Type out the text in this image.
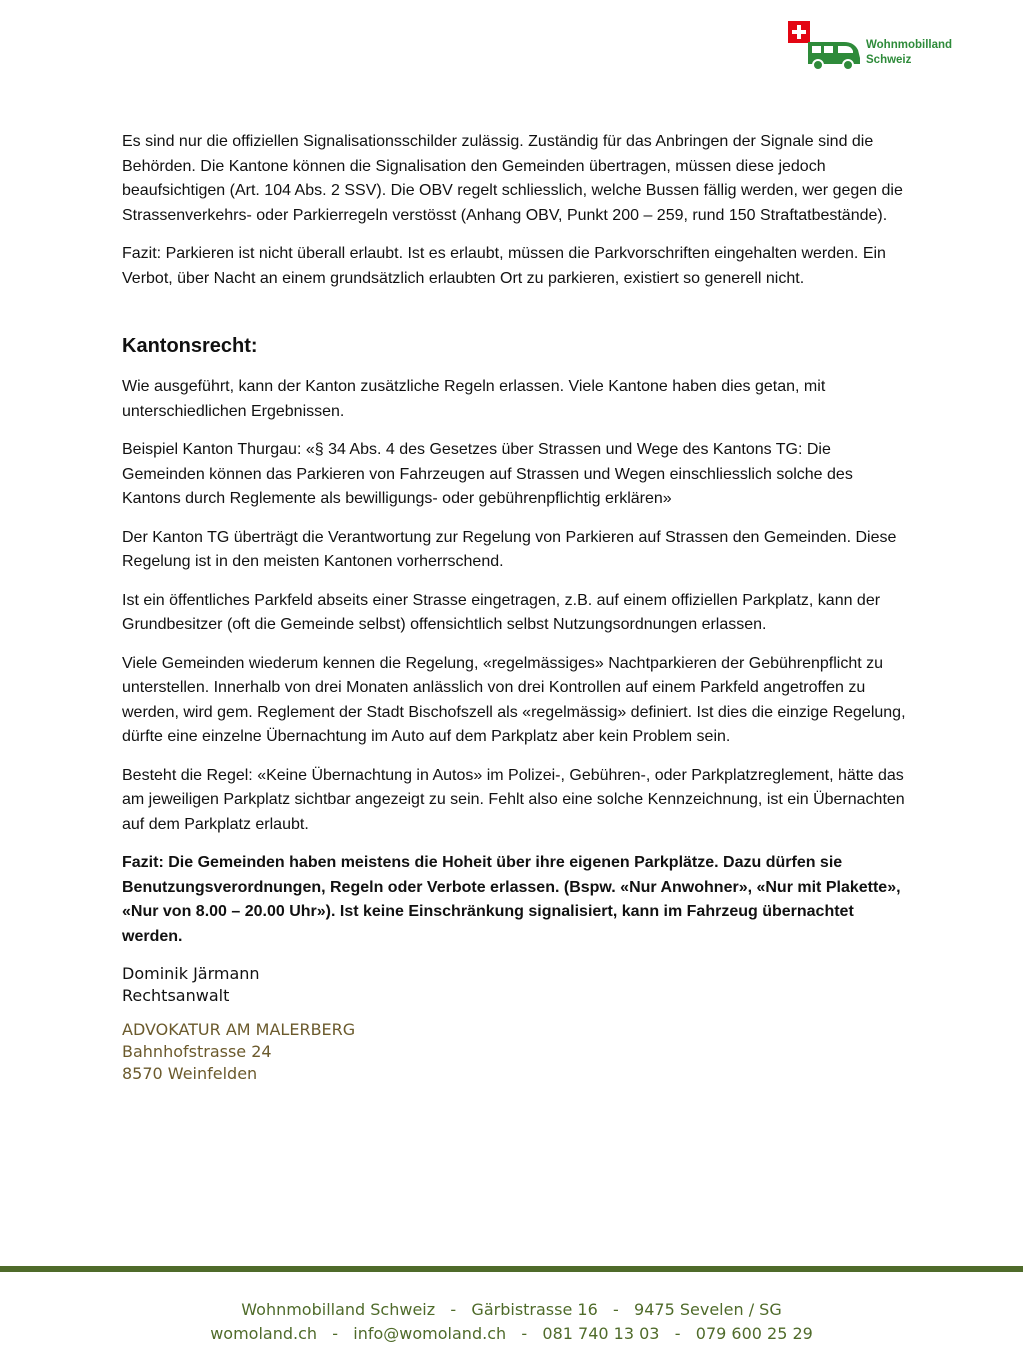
Wohnmobilland
Schweiz

Es sind nur die offiziellen Signalisationsschilder zulässig. Zuständig für das Anbringen der Signale sind die Behörden. Die Kantone können die Signalisation den Gemeinden übertragen, müssen diese jedoch beaufsichtigen (Art. 104 Abs. 2 SSV). Die OBV regelt schliesslich, welche Bussen fällig werden, wer gegen die Strassenverkehrs- oder Parkierregeln verstösst (Anhang OBV, Punkt 200 – 259, rund 150 Straftatbestände).

Fazit: Parkieren ist nicht überall erlaubt. Ist es erlaubt, müssen die Parkvorschriften eingehalten werden. Ein Verbot, über Nacht an einem grundsätzlich erlaubten Ort zu parkieren, existiert so generell nicht.

Kantonsrecht:

Wie ausgeführt, kann der Kanton zusätzliche Regeln erlassen. Viele Kantone haben dies getan, mit unterschiedlichen Ergebnissen.

Beispiel Kanton Thurgau: «§ 34 Abs. 4 des Gesetzes über Strassen und Wege des Kantons TG: Die Gemeinden können das Parkieren von Fahrzeugen auf Strassen und Wegen einschliesslich solche des Kantons durch Reglemente als bewilligungs- oder gebührenpflichtig erklären»

Der Kanton TG überträgt die Verantwortung zur Regelung von Parkieren auf Strassen den Gemeinden. Diese Regelung ist in den meisten Kantonen vorherrschend.

Ist ein öffentliches Parkfeld abseits einer Strasse eingetragen, z.B. auf einem offiziellen Parkplatz, kann der Grundbesitzer (oft die Gemeinde selbst) offensichtlich selbst Nutzungsordnungen erlassen.

Viele Gemeinden wiederum kennen die Regelung, «regelmässiges» Nachtparkieren der Gebührenpflicht zu unterstellen. Innerhalb von drei Monaten anlässlich von drei Kontrollen auf einem Parkfeld angetroffen zu werden, wird gem. Reglement der Stadt Bischofszell als «regelmässig» definiert. Ist dies die einzige Regelung, dürfte eine einzelne Übernachtung im Auto auf dem Parkplatz aber kein Problem sein.

Besteht die Regel: «Keine Übernachtung in Autos» im Polizei-, Gebühren-, oder Parkplatzreglement, hätte das am jeweiligen Parkplatz sichtbar angezeigt zu sein. Fehlt also eine solche Kennzeichnung, ist ein Übernachten auf dem Parkplatz erlaubt.

Fazit: Die Gemeinden haben meistens die Hoheit über ihre eigenen Parkplätze. Dazu dürfen sie Benutzungsverordnungen, Regeln oder Verbote erlassen. (Bspw. «Nur Anwohner», «Nur mit Plakette», «Nur von 8.00 – 20.00 Uhr»). Ist keine Einschränkung signalisiert, kann im Fahrzeug übernachtet werden.

Dominik Järmann
Rechtsanwalt
ADVOKATUR AM MALERBERG
Bahnhofstrasse 24
8570 Weinfelden
Wohnmobilland Schweiz   -   Gärbistrasse 16   -   9475 Sevelen / SG
womoland.ch   -   info@womoland.ch   -   081 740 13 03   -   079 600 25 29
